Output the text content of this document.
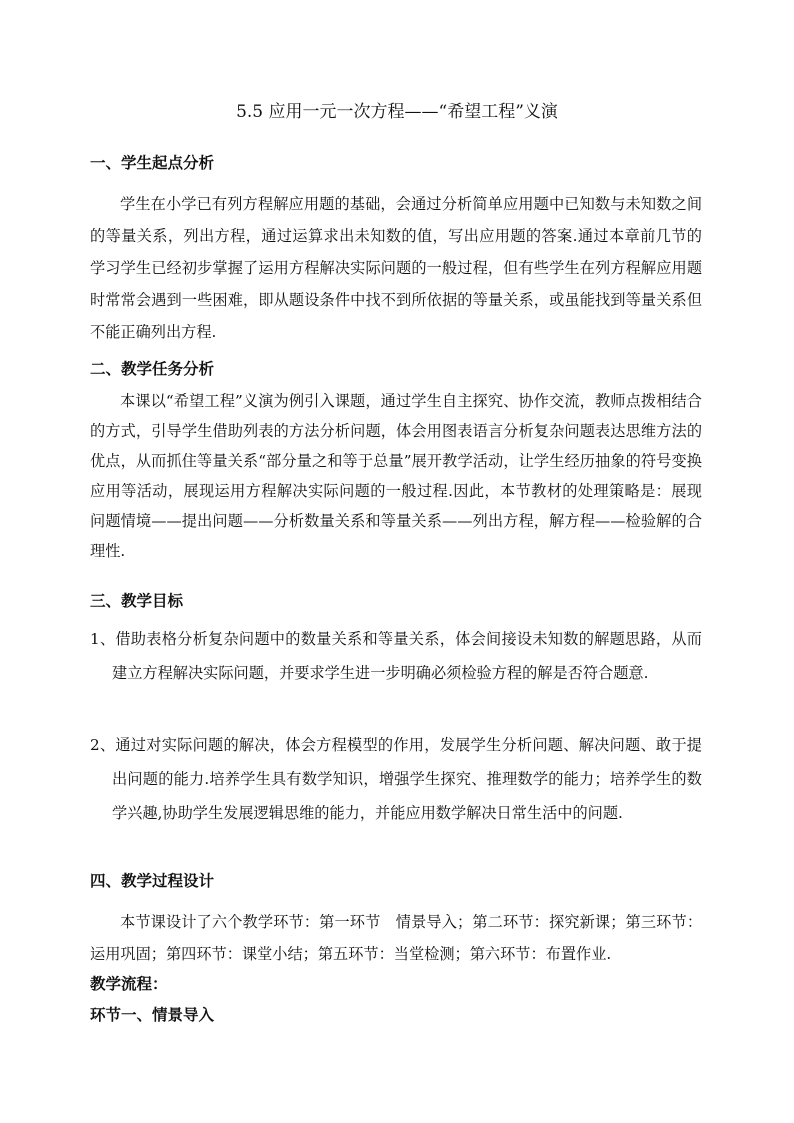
5.5 应用一元一次方程——“希望工程”义演
一、学生起点分析
学生在小学已有列方程解应用题的基础，会通过分析简单应用题中已知数与未知数之间的等量关系，列出方程，通过运算求出未知数的值，写出应用题的答案.通过本章前几节的学习学生已经初步掌握了运用方程解决实际问题的一般过程，但有些学生在列方程解应用题时常常会遇到一些困难，即从题设条件中找不到所依据的等量关系，或虽能找到等量关系但不能正确列出方程.
二、教学任务分析
本课以“希望工程”义演为例引入课题，通过学生自主探究、协作交流，教师点拨相结合的方式，引导学生借助列表的方法分析问题，体会用图表语言分析复杂问题表达思维方法的优点，从而抓住等量关系“部分量之和等于总量”展开教学活动，让学生经历抽象的符号变换应用等活动，展现运用方程解决实际问题的一般过程.因此，本节教材的处理策略是：展现问题情境——提出问题——分析数量关系和等量关系——列出方程，解方程——检验解的合理性.
三、教学目标
1、借助表格分析复杂问题中的数量关系和等量关系，体会间接设未知数的解题思路，从而建立方程解决实际问题，并要求学生进一步明确必须检验方程的解是否符合题意.
2、通过对实际问题的解决，体会方程模型的作用，发展学生分析问题、解决问题、敢于提出问题的能力.培养学生具有数学知识，增强学生探究、推理数学的能力；培养学生的数学兴趣,协助学生发展逻辑思维的能力，并能应用数学解决日常生活中的问题.
四、教学过程设计
本节课设计了六个教学环节：第一环节　情景导入；第二环节：探究新课；第三环节：运用巩固；第四环节：课堂小结；第五环节：当堂检测；第六环节：布置作业.
教学流程：
环节一、情景导入
